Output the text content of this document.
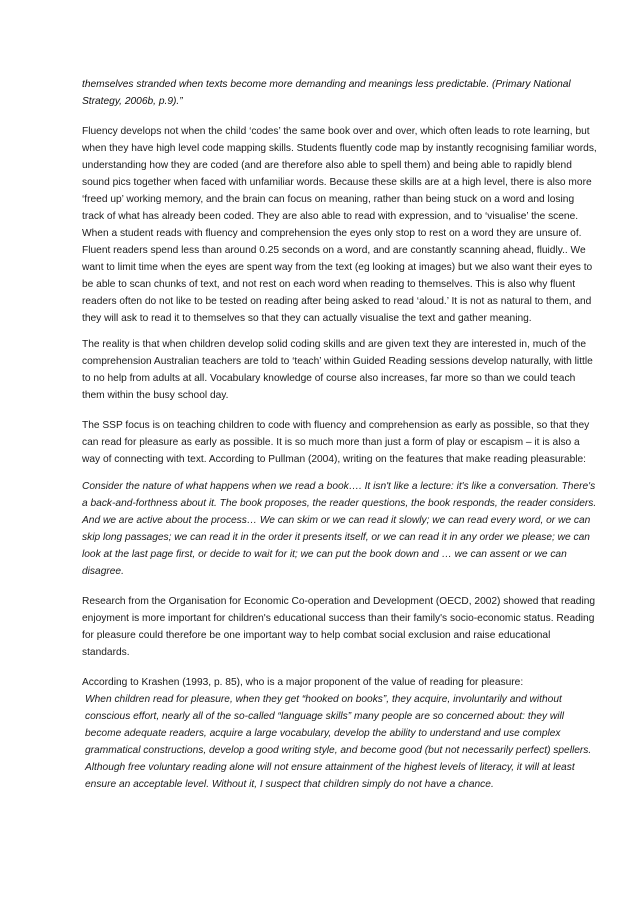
themselves stranded when texts become more demanding and meanings less predictable. (Primary National Strategy, 2006b, p.9).”

Fluency develops not when the child ‘codes’ the same book over and over, which often leads to rote learning, but when they have high level code mapping skills. Students fluently code map by instantly recognising familiar words, understanding how they are coded (and are therefore also able to spell them) and being able to rapidly blend sound pics together when faced with unfamiliar words. Because these skills are at a high level, there is also more ‘freed up’ working memory, and the brain can focus on meaning, rather than being stuck on a word and losing track of what has already been coded. They are also able to read with expression, and to ‘visualise’ the scene.

When a student reads with fluency and comprehension the eyes only stop to rest on a word they are unsure of. Fluent readers spend less than around 0.25 seconds on a word, and are constantly scanning ahead, fluidly.. We want to limit time when the eyes are spent way from the text (eg looking at images) but we also want their eyes to be able to scan chunks of text, and not rest on each word when reading to themselves. This is also why fluent readers often do not like to be tested on reading after being asked to read ‘aloud.’ It is not as natural to them, and they will ask to read it to themselves so that they can actually visualise the text and gather meaning.

The reality is that when children develop solid coding skills and are given text they are interested in, much of the comprehension Australian teachers are told to ‘teach’ within Guided Reading sessions develop naturally, with little to no help from adults at all. Vocabulary knowledge of course also increases, far more so than we could teach them within the busy school day.

The SSP focus is on teaching children to code with fluency and comprehension as early as possible, so that they can read for pleasure as early as possible. It is so much more than just a form of play or escapism – it is also a way of connecting with text. According to Pullman (2004), writing on the features that make reading pleasurable:

Consider the nature of what happens when we read a book…. It isn't like a lecture: it's like a conversation. There's a back-and-forthness about it. The book proposes, the reader questions, the book responds, the reader considers. And we are active about the process… We can skim or we can read it slowly; we can read every word, or we can skip long passages; we can read it in the order it presents itself, or we can read it in any order we please; we can look at the last page first, or decide to wait for it; we can put the book down and … we can assent or we can disagree.

Research from the Organisation for Economic Co-operation and Development (OECD, 2002) showed that reading enjoyment is more important for children's educational success than their family's socio-economic status. Reading for pleasure could therefore be one important way to help combat social exclusion and raise educational standards.

According to Krashen (1993, p. 85), who is a major proponent of the value of reading for pleasure:

When children read for pleasure, when they get “hooked on books”, they acquire, involuntarily and without conscious effort, nearly all of the so-called “language skills” many people are so concerned about: they will become adequate readers, acquire a large vocabulary, develop the ability to understand and use complex grammatical constructions, develop a good writing style, and become good (but not necessarily perfect) spellers. Although free voluntary reading alone will not ensure attainment of the highest levels of literacy, it will at least ensure an acceptable level. Without it, I suspect that children simply do not have a chance.
